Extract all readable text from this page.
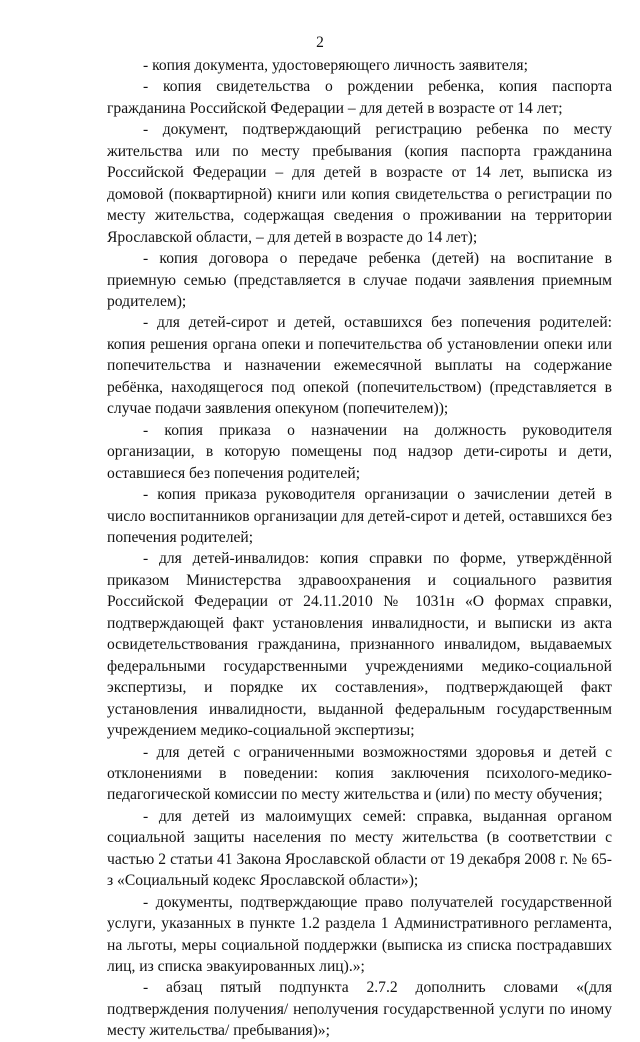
2

- копия документа, удостоверяющего личность заявителя;

- копия свидетельства о рождении ребенка, копия паспорта гражданина Российской Федерации – для детей в возрасте от 14 лет;

- документ, подтверждающий регистрацию ребенка по месту жительства или по месту пребывания (копия паспорта гражданина Российской Федерации – для детей в возрасте от 14 лет, выписка из домовой (поквартирной) книги или копия свидетельства о регистрации по месту жительства, содержащая сведения о проживании на территории Ярославской области, – для детей в возрасте до 14 лет);

- копия договора о передаче ребенка (детей) на воспитание в приемную семью (представляется в случае подачи заявления приемным родителем);

- для детей-сирот и детей, оставшихся без попечения родителей: копия решения органа опеки и попечительства об установлении опеки или попечительства и назначении ежемесячной выплаты на содержание ребёнка, находящегося под опекой (попечительством) (представляется в случае подачи заявления опекуном (попечителем));

- копия приказа о назначении на должность руководителя организации, в которую помещены под надзор дети-сироты и дети, оставшиеся без попечения родителей;

- копия приказа руководителя организации о зачислении детей в число воспитанников организации для детей-сирот и детей, оставшихся без попечения родителей;

- для детей-инвалидов: копия справки по форме, утверждённой приказом Министерства здравоохранения и социального развития Российской Федерации от 24.11.2010 № 1031н «О формах справки, подтверждающей факт установления инвалидности, и выписки из акта освидетельствования гражданина, признанного инвалидом, выдаваемых федеральными государственными учреждениями медико-социальной экспертизы, и порядке их составления», подтверждающей факт установления инвалидности, выданной федеральным государственным учреждением медико-социальной экспертизы;

- для детей с ограниченными возможностями здоровья и детей с отклонениями в поведении: копия заключения психолого-медико-педагогической комиссии по месту жительства и (или) по месту обучения;

- для детей из малоимущих семей: справка, выданная органом социальной защиты населения по месту жительства (в соответствии с частью 2 статьи 41 Закона Ярославской области от 19 декабря 2008 г. № 65-з «Социальный кодекс Ярославской области»);

- документы, подтверждающие право получателей государственной услуги, указанных в пункте 1.2 раздела 1 Административного регламента, на льготы, меры социальной поддержки (выписка из списка пострадавших лиц, из списка эвакуированных лиц).»;

- абзац пятый подпункта 2.7.2 дополнить словами «(для подтверждения получения/ неполучения государственной услуги по иному месту жительства/ пребывания)»;
